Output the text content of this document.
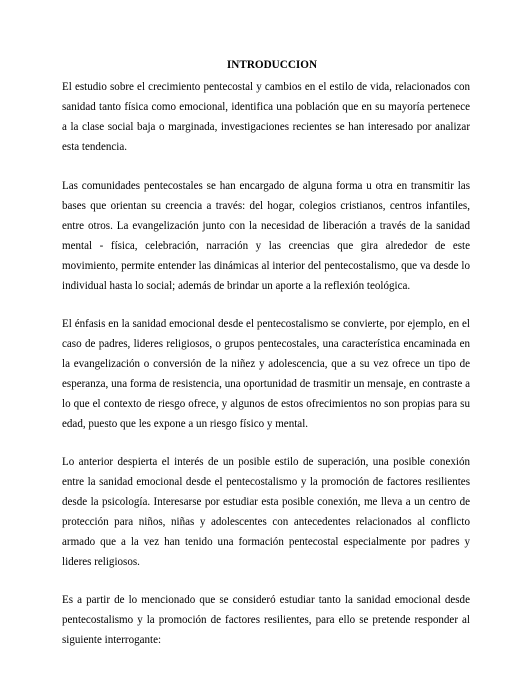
INTRODUCCION

El estudio sobre el crecimiento pentecostal y cambios en el estilo de vida, relacionados con sanidad tanto física como emocional, identifica una población que en su mayoría pertenece a la clase social baja o marginada, investigaciones recientes se han interesado por analizar esta tendencia.

Las comunidades pentecostales se han encargado de alguna forma u otra en transmitir las bases que orientan su creencia a través: del hogar, colegios cristianos, centros infantiles, entre otros. La evangelización junto con la necesidad de liberación a través de la sanidad mental - física, celebración, narración y las creencias que gira alrededor de este movimiento, permite entender las dinámicas al interior del pentecostalismo, que va desde lo individual hasta lo social; además de brindar un aporte a la reflexión teológica.

El énfasis en la sanidad emocional desde el pentecostalismo se convierte, por ejemplo, en el caso de padres, lideres religiosos, o grupos pentecostales, una característica encaminada en la evangelización o conversión de la niñez y adolescencia, que a su vez ofrece un tipo de esperanza, una forma de resistencia, una oportunidad de trasmitir un mensaje, en contraste a lo que el contexto de riesgo ofrece, y algunos de estos ofrecimientos no son propias para su edad, puesto que les expone a un riesgo físico y mental.

Lo anterior despierta el interés de un posible estilo de superación, una posible conexión entre la sanidad emocional desde el pentecostalismo y la promoción de factores resilientes desde la psicología. Interesarse por estudiar esta posible conexión, me lleva a un centro de protección para niños, niñas y adolescentes con antecedentes relacionados al conflicto armado que a la vez han tenido una formación pentecostal especialmente por padres y lideres religiosos.

Es a partir de lo mencionado que se consideró estudiar tanto la sanidad emocional desde pentecostalismo y la promoción de factores resilientes, para ello se pretende responder al siguiente interrogante:
